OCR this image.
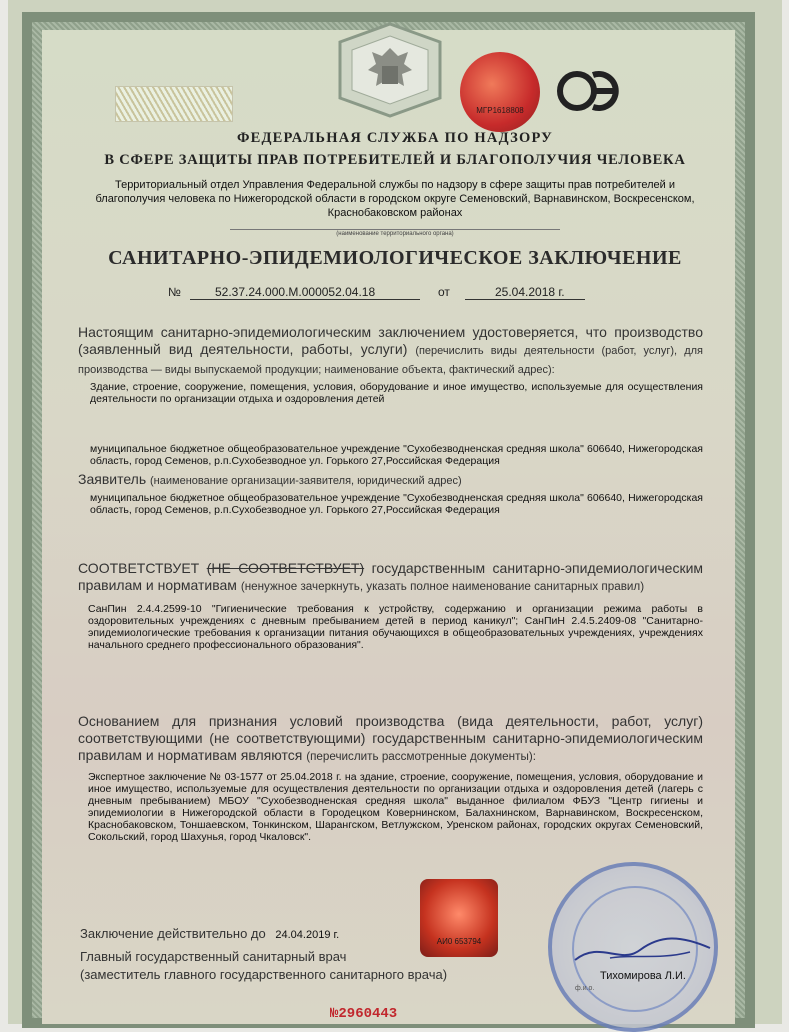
МГР1618808
ФЕДЕРАЛЬНАЯ СЛУЖБА ПО НАДЗОРУ
В СФЕРЕ ЗАЩИТЫ ПРАВ ПОТРЕБИТЕЛЕЙ И БЛАГОПОЛУЧИЯ ЧЕЛОВЕКА
Территориальный отдел Управления Федеральной службы по надзору в сфере защиты прав потребителей и благополучия человека по Нижегородской области в городском округе Семеновский, Варнавинском, Воскресенском, Краснобаковском районах
(наименование территориального органа)
САНИТАРНО-ЭПИДЕМИОЛОГИЧЕСКОЕ ЗАКЛЮЧЕНИЕ
№	52.37.24.000.М.000052.04.18	от	25.04.2018 г.
Настоящим санитарно-эпидемиологическим заключением удостоверяется, что производство (заявленный вид деятельности, работы, услуги) (перечислить виды деятельности (работ, услуг), для производства — виды выпускаемой продукции; наименование объекта, фактический адрес):
Здание, строение, сооружение, помещения, условия, оборудование и иное имущество, используемые для осуществления деятельности по организации отдыха и оздоровления детей
муниципальное бюджетное общеобразовательное учреждение "Сухобезводненская средняя школа" 606640, Нижегородская область, город Семенов, р.п.Сухобезводное ул. Горького 27,Российская Федерация
Заявитель (наименование организации-заявителя, юридический адрес)
муниципальное бюджетное общеобразовательное учреждение "Сухобезводненская средняя школа" 606640, Нижегородская область, город Семенов, р.п.Сухобезводное ул. Горького 27,Российская Федерация
СООТВЕТСТВУЕТ (НЕ СООТВЕТСТВУЕТ) государственным санитарно-эпидемиологическим правилам и нормативам (ненужное зачеркнуть, указать полное наименование санитарных правил)
СанПин 2.4.4.2599-10 "Гигиенические требования к устройству, содержанию и организации режима работы в оздоровительных учреждениях с дневным пребыванием детей в период каникул"; СанПиН 2.4.5.2409-08 "Санитарно-эпидемиологические требования к организации питания обучающихся в общеобразовательных учреждениях, учреждениях начального среднего профессионального образования".
Основанием для признания условий производства (вида деятельности, работ, услуг) соответствующими (не соответствующими) государственным санитарно-эпидемиологическим правилам и нормативам являются (перечислить рассмотренные документы):
Экспертное заключение № 03-1577 от 25.04.2018 г. на здание, строение, сооружение, помещения, условия, оборудование и иное имущество, используемые для осуществления деятельности по организации отдыха и оздоровления детей (лагерь с дневным пребыванием) МБОУ "Сухобезводненская средняя школа" выданное филиалом ФБУЗ "Центр гигиены и эпидемиологии в Нижегородской области в Городецком Ковернинском, Балахнинском, Варнавинском, Воскресенском, Краснобаковском, Тоншаевском, Тонкинском, Шарангском, Ветлужском, Уренском районах, городских округах Семеновский, Сокольский, город Шахунья, город Чкаловск".
АИ0 653794
Заключение действительно до 24.04.2019 г.
Главный государственный санитарный врач
(заместитель главного государственного санитарного врача)	Тихомирова Л.И.
ф.и.о.
№2960443
